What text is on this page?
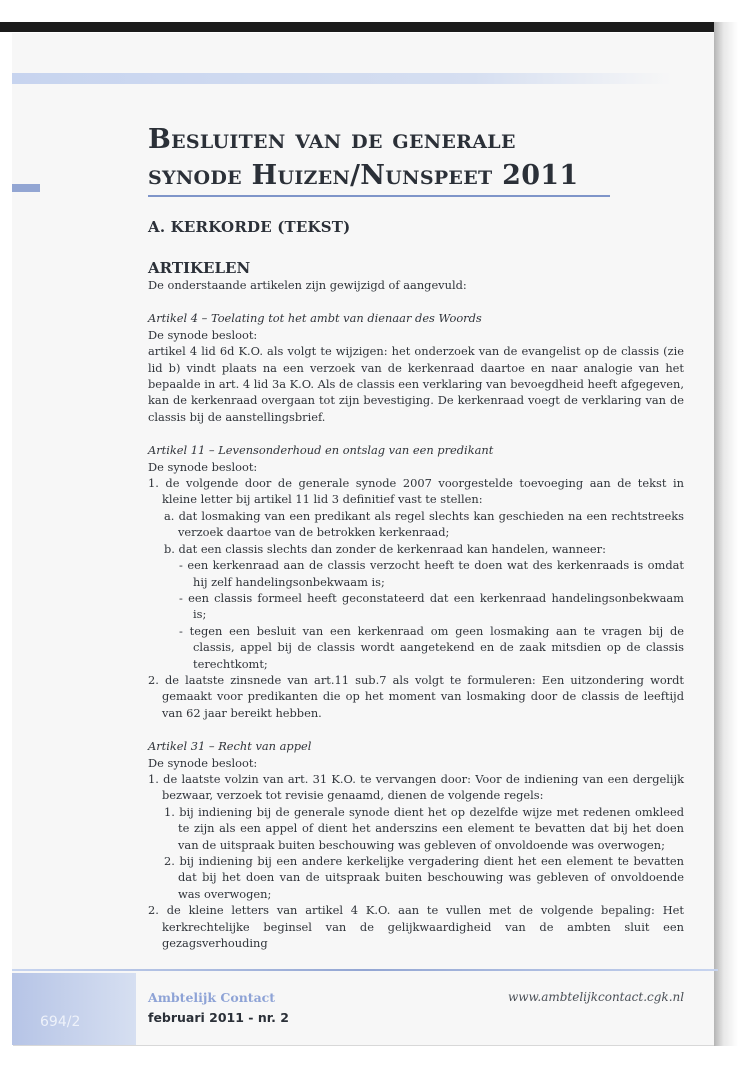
Besluiten van de generale
synode Huizen/Nunspeet 2011
A. KERKORDE (TEKST)
ARTIKELEN

De onderstaande artikelen zijn gewijzigd of aangevuld:

Artikel 4 – Toelating tot het ambt van dienaar des Woords

De synode besloot:

artikel 4 lid 6d K.O. als volgt te wijzigen: het onderzoek van de evangelist op de classis (zie lid b) vindt plaats na een verzoek van de kerkenraad daartoe en naar analogie van het bepaalde in art. 4 lid 3a K.O. Als de classis een verklaring van bevoegdheid heeft afgegeven, kan de kerkenraad overgaan tot zijn bevestiging. De kerkenraad voegt de verklaring van de classis bij de aanstellingsbrief.

Artikel 11 – Levensonderhoud en ontslag van een predikant

De synode besloot:

1. de volgende door de generale synode 2007 voorgestelde toevoeging aan de tekst in kleine letter bij artikel 11 lid 3 definitief vast te stellen:

a. dat losmaking van een predikant als regel slechts kan geschieden na een rechtstreeks verzoek daartoe van de betrokken kerkenraad;

b. dat een classis slechts dan zonder de kerkenraad kan handelen, wanneer:

- een kerkenraad aan de classis verzocht heeft te doen wat des kerkenraads is omdat hij zelf handelingsonbekwaam is;

- een classis formeel heeft geconstateerd dat een kerkenraad handelingsonbekwaam is;

- tegen een besluit van een kerkenraad om geen losmaking aan te vragen bij de classis, appel bij de classis wordt aangetekend en de zaak mitsdien op de classis terechtkomt;

2. de laatste zinsnede van art.11 sub.7 als volgt te formuleren: Een uitzondering wordt gemaakt voor predikanten die op het moment van losmaking door de classis de leeftijd van 62 jaar bereikt hebben.

Artikel 31 – Recht van appel

De synode besloot:

1. de laatste volzin van art. 31 K.O. te vervangen door: Voor de indiening van een dergelijk bezwaar, verzoek tot revisie genaamd, dienen de volgende regels:

1. bij indiening bij de generale synode dient het op dezelfde wijze met redenen omkleed te zijn als een appel of dient het anderszins een element te bevatten dat bij het doen van de uitspraak buiten beschouwing was gebleven of onvoldoende was overwogen;

2. bij indiening bij een andere kerkelijke vergadering dient het een element te bevatten dat bij het doen van de uitspraak buiten beschouwing was gebleven of onvoldoende was overwogen;

2. de kleine letters van artikel 4 K.O. aan te vullen met de volgende bepaling: Het kerkrechtelijke beginsel van de gelijkwaardigheid van de ambten sluit een gezagsverhouding

694/2
Ambtelijk Contact
februari 2011 - nr. 2
www.ambtelijkcontact.cgk.nl
